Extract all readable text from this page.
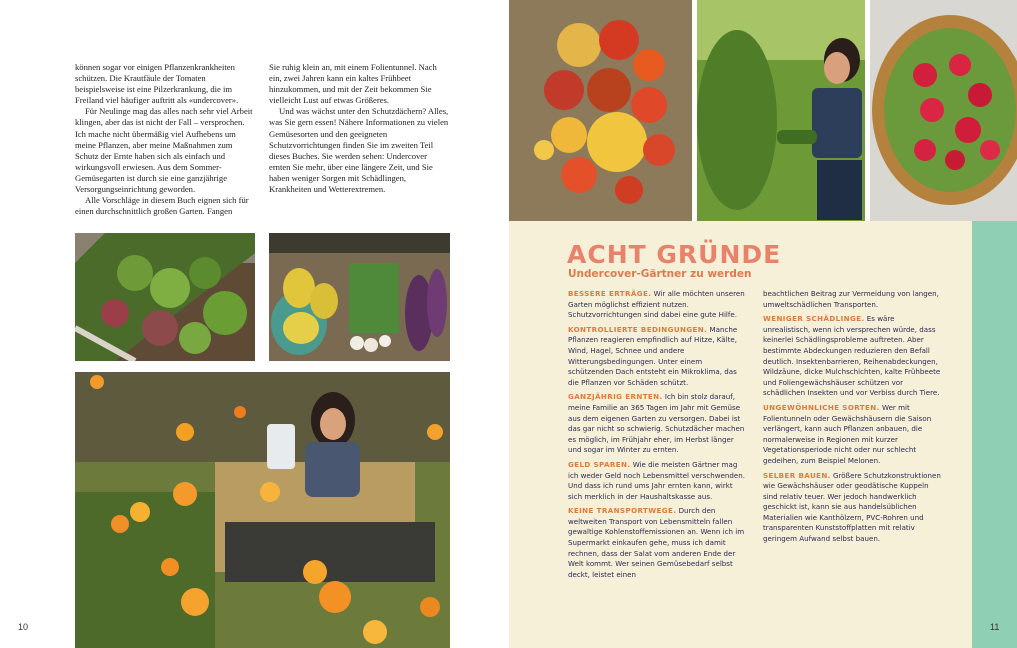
können sogar vor einigen Pflanzenkrankheiten schützen. Die Krautfäule der Tomaten beispielsweise ist eine Pilzerkrankung, die im Freiland viel häufiger auftritt als «undercover».

Für Neulinge mag das alles nach sehr viel Arbeit klingen, aber das ist nicht der Fall – versprochen. Ich mache nicht übermäßig viel Aufhebens um meine Pflanzen, aber meine Maßnahmen zum Schutz der Ernte haben sich als einfach und wirkungsvoll erwiesen. Aus dem Sommer-Gemüsegarten ist durch sie eine ganzjährige Versorgungseinrichtung geworden.

Alle Vorschläge in diesem Buch eignen sich für einen durchschnittlich großen Garten. Fangen

Sie ruhig klein an, mit einem Folientunnel. Nach ein, zwei Jahren kann ein kaltes Frühbeet hinzukommen, und mit der Zeit bekommen Sie vielleicht Lust auf etwas Größeres.

Und was wächst unter den Schutzdächern? Alles, was Sie gern essen! Nähere Informationen zu vielen Gemüsesorten und den geeigneten Schutzvorrichtungen finden Sie im zweiten Teil dieses Buches. Sie werden sehen: Undercover ernten Sie mehr, über eine längere Zeit, und Sie haben weniger Sorgen mit Schädlingen, Krankheiten und Wetterextremen.

10
ACHT GRÜNDE
Undercover-Gärtner zu werden

BESSERE ERTRÄGE. Wir alle möchten unseren Garten möglichst effizient nutzen. Schutzvorrichtungen sind dabei eine gute Hilfe.

KONTROLLIERTE BEDINGUNGEN. Manche Pflanzen reagieren empfindlich auf Hitze, Kälte, Wind, Hagel, Schnee und andere Witterungsbedingungen. Unter einem schützenden Dach entsteht ein Mikroklima, das die Pflanzen vor Schäden schützt.

GANZJÄHRIG ERNTEN. Ich bin stolz darauf, meine Familie an 365 Tagen im Jahr mit Gemüse aus dem eigenen Garten zu versorgen. Dabei ist das gar nicht so schwierig. Schutzdächer machen es möglich, im Frühjahr eher, im Herbst länger und sogar im Winter zu ernten.

GELD SPAREN. Wie die meisten Gärtner mag ich weder Geld noch Lebensmittel verschwenden. Und dass ich rund ums Jahr ernten kann, wirkt sich merklich in der Haushaltskasse aus.

KEINE TRANSPORTWEGE. Durch den weltweiten Transport von Lebensmitteln fallen gewaltige Kohlenstoffemissionen an. Wenn ich im Supermarkt einkaufen gehe, muss ich damit rechnen, dass der Salat vom anderen Ende der Welt kommt. Wer seinen Gemüsebedarf selbst deckt, leistet einen

beachtlichen Beitrag zur Vermeidung von langen, umweltschädlichen Transporten.

WENIGER SCHÄDLINGE. Es wäre unrealistisch, wenn ich versprechen würde, dass keinerlei Schädlingsprobleme auftreten. Aber bestimmte Abdeckungen reduzieren den Befall deutlich. Insektenbarrieren, Reihenabdeckungen, Wildzäune, dicke Mulchschichten, kalte Frühbeete und Foliengewächshäuser schützen vor schädlichen Insekten und vor Verbiss durch Tiere.

UNGEWÖHNLICHE SORTEN. Wer mit Folientunneln oder Gewächshäusern die Saison verlängert, kann auch Pflanzen anbauen, die normalerweise in Regionen mit kurzer Vegetationsperiode nicht oder nur schlecht gedeihen, zum Beispiel Melonen.

SELBER BAUEN. Größere Schutzkonstruktionen wie Gewächshäuser oder geodätische Kuppeln sind relativ teuer. Wer jedoch handwerklich geschickt ist, kann sie aus handelsüblichen Materialien wie Kanthölzern, PVC-Rohren und transparenten Kunststoffplatten mit relativ geringem Aufwand selbst bauen.

11
